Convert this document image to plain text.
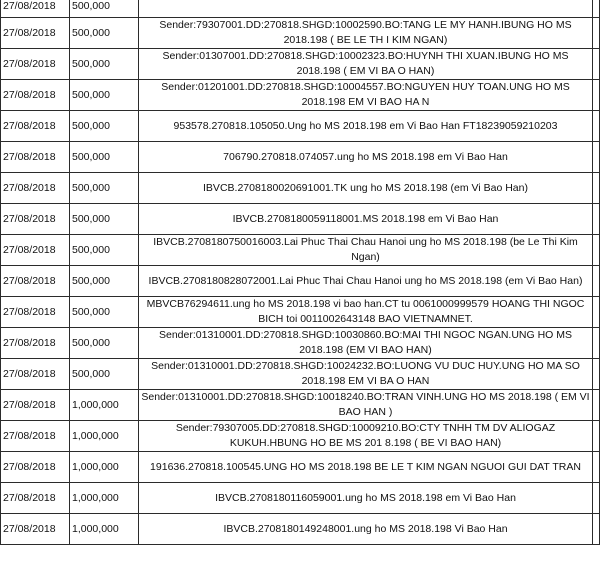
27/08/2018	500,000		
27/08/2018	500,000	Sender:79307001.DD:270818.SHGD:10002590.BO:TANG LE MY HANH.IBUNG HO MS 2018.198 ( BE LE TH I KIM NGAN)	
27/08/2018	500,000	Sender:01307001.DD:270818.SHGD:10002323.BO:HUYNH THI XUAN.IBUNG HO MS 2018.198 ( EM VI BA O HAN)	
27/08/2018	500,000	Sender:01201001.DD:270818.SHGD:10004557.BO:NGUYEN HUY TOAN.UNG HO MS 2018.198 EM VI BAO HA N	
27/08/2018	500,000	953578.270818.105050.Ung ho MS 2018.198 em Vi Bao Han FT18239059210203	
27/08/2018	500,000	706790.270818.074057.ung ho MS 2018.198 em Vi Bao Han	
27/08/2018	500,000	IBVCB.2708180020691001.TK ung ho MS 2018.198 (em Vi Bao Han)	
27/08/2018	500,000	IBVCB.2708180059118001.MS 2018.198 em Vi Bao Han	
27/08/2018	500,000	IBVCB.2708180750016003.Lai Phuc Thai Chau Hanoi ung ho MS 2018.198 (be Le Thi Kim Ngan)	
27/08/2018	500,000	IBVCB.2708180828072001.Lai Phuc Thai Chau Hanoi ung ho MS 2018.198 (em Vi Bao Han)	
27/08/2018	500,000	MBVCB76294611.ung ho MS 2018.198 vi bao han.CT tu 0061000999579 HOANG THI NGOC BICH toi 0011002643148 BAO VIETNAMNET.	
27/08/2018	500,000	Sender:01310001.DD:270818.SHGD:10030860.BO:MAI THI NGOC NGAN.UNG HO MS 2018.198 (EM VI BAO HAN)	
27/08/2018	500,000	Sender:01310001.DD:270818.SHGD:10024232.BO:LUONG VU DUC HUY.UNG HO MA SO 2018.198 EM VI BA O HAN	
27/08/2018	1,000,000	Sender:01310001.DD:270818.SHGD:10018240.BO:TRAN VINH.UNG HO MS 2018.198 ( EM VI BAO HAN )	
27/08/2018	1,000,000	Sender:79307005.DD:270818.SHGD:10009210.BO:CTY TNHH TM DV ALIOGAZ KUKUH.HBUNG HO BE MS 201 8.198 ( BE VI BAO HAN)	
27/08/2018	1,000,000	191636.270818.100545.UNG HO MS 2018.198 BE LE T KIM NGAN NGUOI GUI DAT TRAN	
27/08/2018	1,000,000	IBVCB.2708180116059001.ung ho MS 2018.198 em Vi Bao Han	
27/08/2018	1,000,000	IBVCB.2708180149248001.ung ho MS 2018.198 Vi Bao Han	
